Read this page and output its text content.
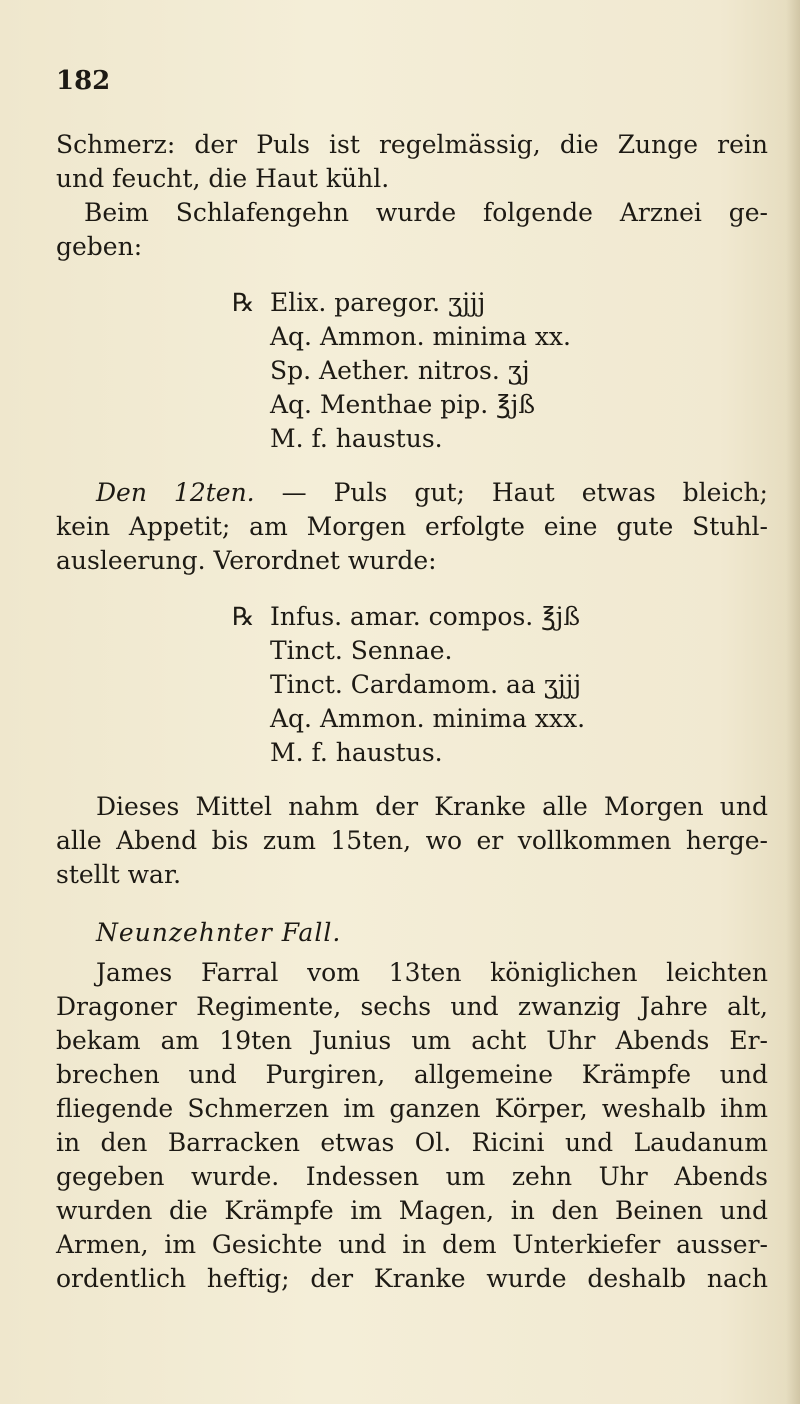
182
Schmerz: der Puls ist regelmässig, die Zunge rein
und feucht, die Haut kühl.
Beim Schlafengehn wurde folgende Arznei ge-
geben:
℞ Elix. paregor. ʒjjj
Aq. Ammon. minima xx.
Sp. Aether. nitros. ʒj
Aq. Menthae pip. ℥jß
M. f. haustus.
Den 12ten. — Puls gut; Haut etwas bleich;
kein Appetit; am Morgen erfolgte eine gute Stuhl-
ausleerung. Verordnet wurde:
℞ Infus. amar. compos. ℥jß
Tinct. Sennae.
Tinct. Cardamom. aa ʒjjj
Aq. Ammon. minima xxx.
M. f. haustus.
Dieses Mittel nahm der Kranke alle Morgen und
alle Abend bis zum 15ten, wo er vollkommen herge-
stellt war.
Neunzehnter Fall.
James Farral vom 13ten königlichen leichten
Dragoner Regimente, sechs und zwanzig Jahre alt,
bekam am 19ten Junius um acht Uhr Abends Er-
brechen und Purgiren, allgemeine Krämpfe und
fliegende Schmerzen im ganzen Körper, weshalb ihm
in den Barracken etwas Ol. Ricini und Laudanum
gegeben wurde. Indessen um zehn Uhr Abends
wurden die Krämpfe im Magen, in den Beinen und
Armen, im Gesichte und in dem Unterkiefer ausser-
ordentlich heftig; der Kranke wurde deshalb nach
